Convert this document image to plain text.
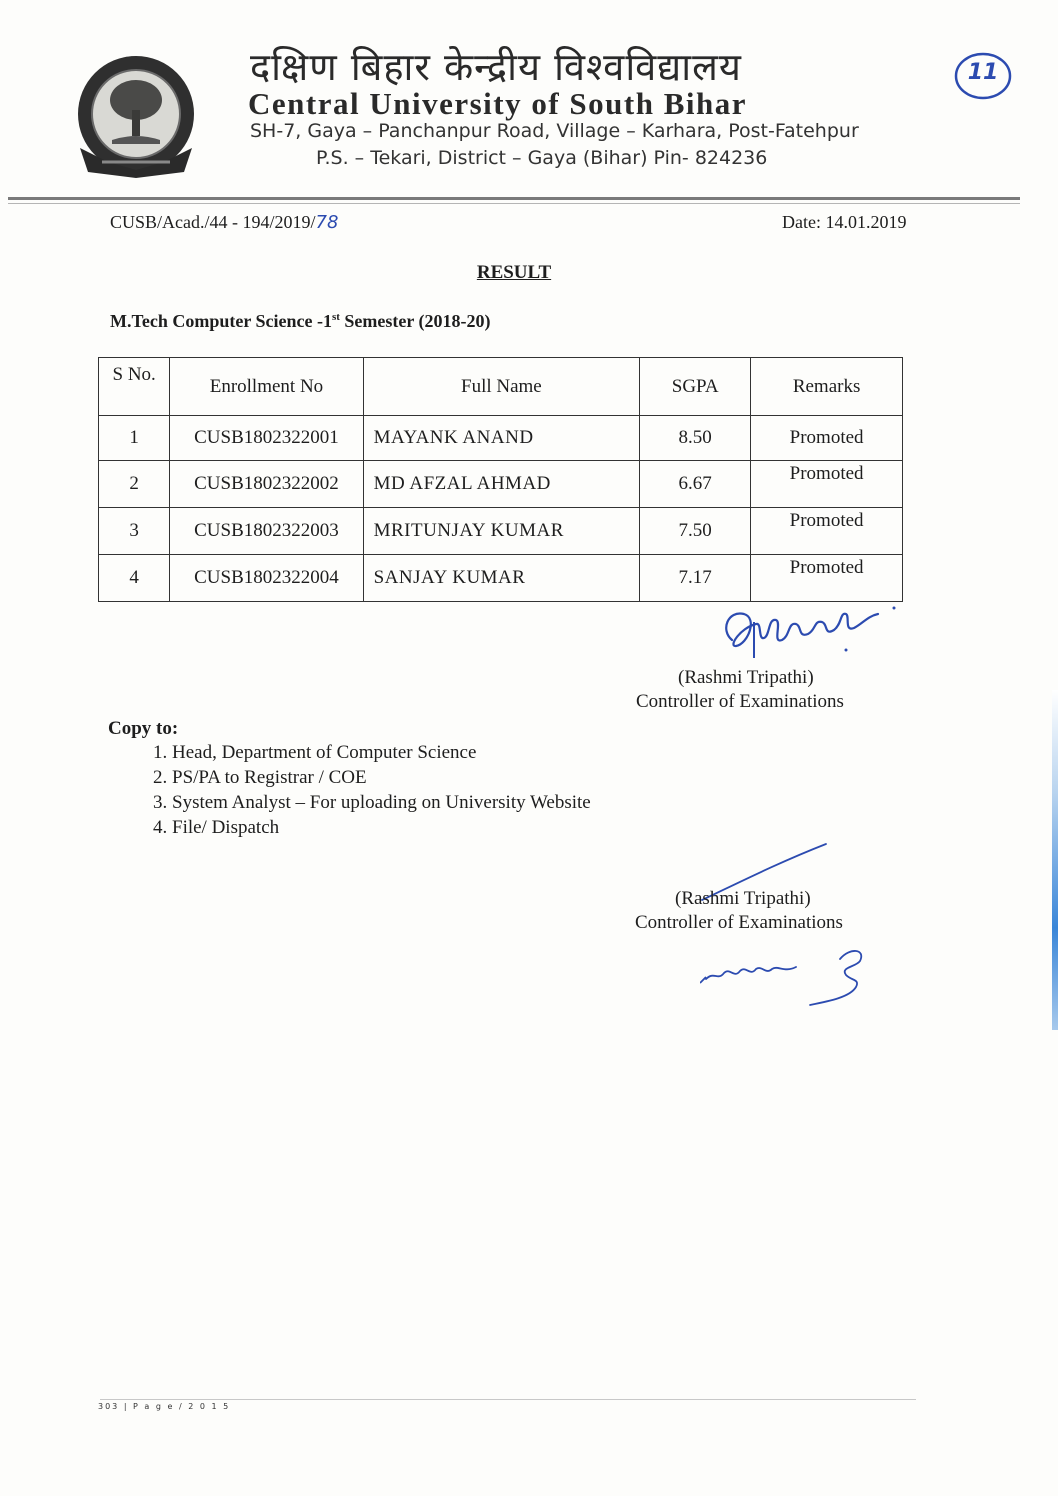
दक्षिण बिहार केन्द्रीय विश्वविद्यालय
Central University of South Bihar
SH-7, Gaya – Panchanpur Road, Village – Karhara, Post-Fatehpur
P.S. – Tekari, District – Gaya (Bihar) Pin- 824236
11
CUSB/Acad./44 - 194/2019/78	Date: 14.01.2019
RESULT
M.Tech Computer Science -1st Semester (2018-20)
S No.	Enrollment No	Full Name	SGPA	Remarks
1	CUSB1802322001	MAYANK ANAND	8.50	Promoted
2	CUSB1802322002	MD AFZAL AHMAD	6.67	Promoted
3	CUSB1802322003	MRITUNJAY KUMAR	7.50	Promoted
4	CUSB1802322004	SANJAY KUMAR	7.17	Promoted
(Rashmi Tripathi)
Controller of Examinations
Copy to:
1. Head, Department of Computer Science
2. PS/PA to Registrar / COE
3. System Analyst – For uploading on University Website
4. File/ Dispatch
(Rashmi Tripathi)
Controller of Examinations
303 | P a g e / 2 0 1 5
